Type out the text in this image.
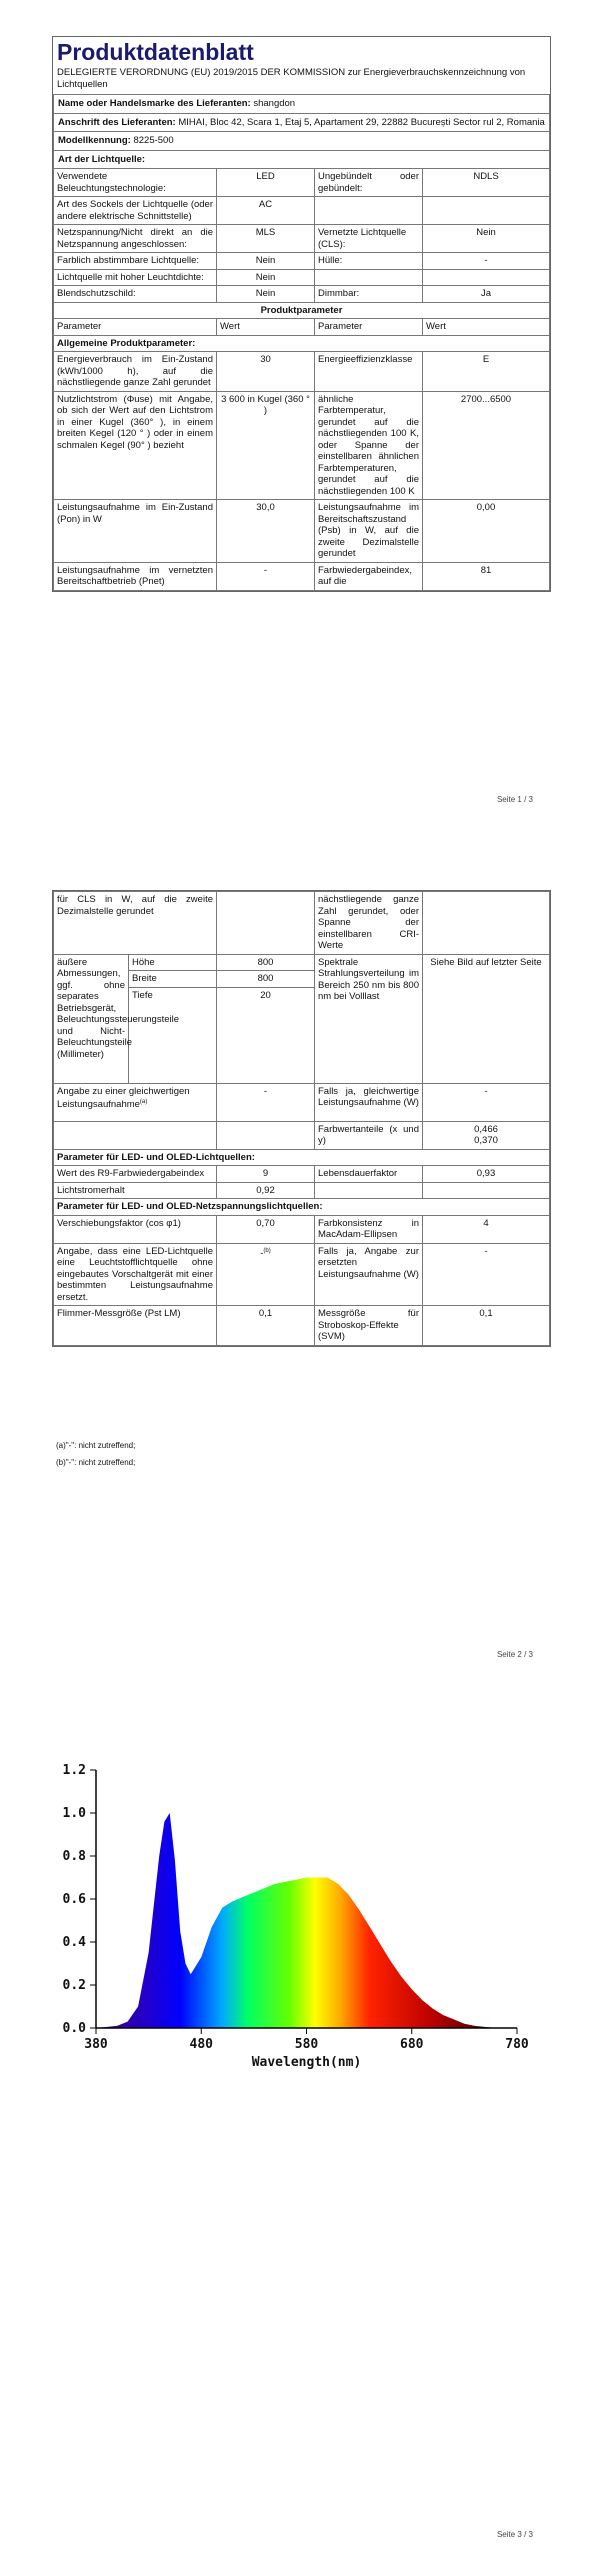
Produktdatenblatt
DELEGIERTE VERORDNUNG (EU) 2019/2015 DER KOMMISSION zur Energieverbrauchskennzeichnung von Lichtquellen
Name oder Handelsmarke des Lieferanten: shangdon			
Anschrift des Lieferanten: MIHAI, Bloc 42, Scara 1, Etaj 5, Apartament 29, 22882 București Sector rul 2, Romania			
Modellkennung: 8225-500			
Art der Lichtquelle:			
Verwendete Beleuchtungstechnologie:	LED	Ungebündelt oder gebündelt:	NDLS
Art des Sockels der Lichtquelle (oder andere elektrische Schnittstelle)	AC		
Netzspannung/Nicht direkt an die Netzspannung angeschlossen:	MLS	Vernetzte Lichtquelle (CLS):	Nein
Farblich abstimmbare Lichtquelle:	Nein	Hülle:	-
Lichtquelle mit hoher Leuchtdichte:	Nein		
Blendschutzschild:	Nein	Dimmbar:	Ja
Produktparameter			
Parameter	Wert	Parameter	Wert
Allgemeine Produktparameter:			
Energieverbrauch im Ein-Zustand (kWh/1000 h), auf die nächstliegende ganze Zahl gerundet	30	Energieeffizienzklasse	E
Nutzlichtstrom (Φuse) mit Angabe, ob sich der Wert auf den Lichtstrom in einer Kugel (360° ), in einem breiten Kegel (120 ° ) oder in einem schmalen Kegel (90° ) bezieht	3 600 in Kugel (360 ° )	ähnliche Farbtemperatur, gerundet auf die nächstliegenden 100 K, oder Spanne der einstellbaren ähnlichen Farbtemperaturen, gerundet auf die nächstliegenden 100 K	2700...6500
Leistungsaufnahme im Ein-Zustand (Pon) in W	30,0	Leistungsaufnahme im Bereitschaftszustand (Psb) in W, auf die zweite Dezimalstelle gerundet	0,00
Leistungsaufnahme im vernetzten Bereitschaftbetrieb (Pnet)	-	Farbwiedergabeindex, auf die	81
Seite 1 / 3
für CLS in W, auf die zweite Dezimalstelle gerundet			nächstliegende ganze Zahl gerundet, oder Spanne der einstellbaren CRI-Werte	
äußere Abmessungen, ggf. ohne separates Betriebsgerät, Beleuchtungssteuerungsteile und Nicht-Beleuchtungsteile (Millimeter)	Höhe	800	Spektrale Strahlungsverteilung im Bereich 250 nm bis 800 nm bei Volllast	Siehe Bild auf letzter Seite
	Breite	800		
	Tiefe	20		
Angabe zu einer gleichwertigen Leistungsaufnahme$^{(a)}$		-	Falls ja, gleichwertige Leistungsaufnahme (W)	-
			Farbwertanteile (x und y)	0,466
0,370

Parameter für LED- und OLED-Lichtquellen:				
Wert des R9-Farbwiedergabeindex		9	Lebensdauerfaktor	0,93
Lichtstromerhalt		0,92		
Parameter für LED- und OLED-Netzspannungslichtquellen:				
Verschiebungsfaktor (cos φ1)		0,70	Farbkonsistenz in MacAdam-Ellipsen	4
Angabe, dass eine LED-Lichtquelle eine Leuchtstofflichtquelle ohne eingebautes Vorschaltgerät mit einer bestimmten Leistungsaufnahme ersetzt.		-$^{(b)}$	Falls ja, Angabe zur ersetzten Leistungsaufnahme (W)	-
Flimmer-Messgröße (Pst LM)		0,1	Messgröße für Stroboskop-Effekte (SVM)	0,1
(a)"-": nicht zutreffend;
(b)"-": nicht zutreffend;
Seite 2 / 3
0.0
0.2
0.4
0.6
0.8
1.0
1.2
380	480	580	680	780
Wavelength(nm)
Seite 3 / 3
